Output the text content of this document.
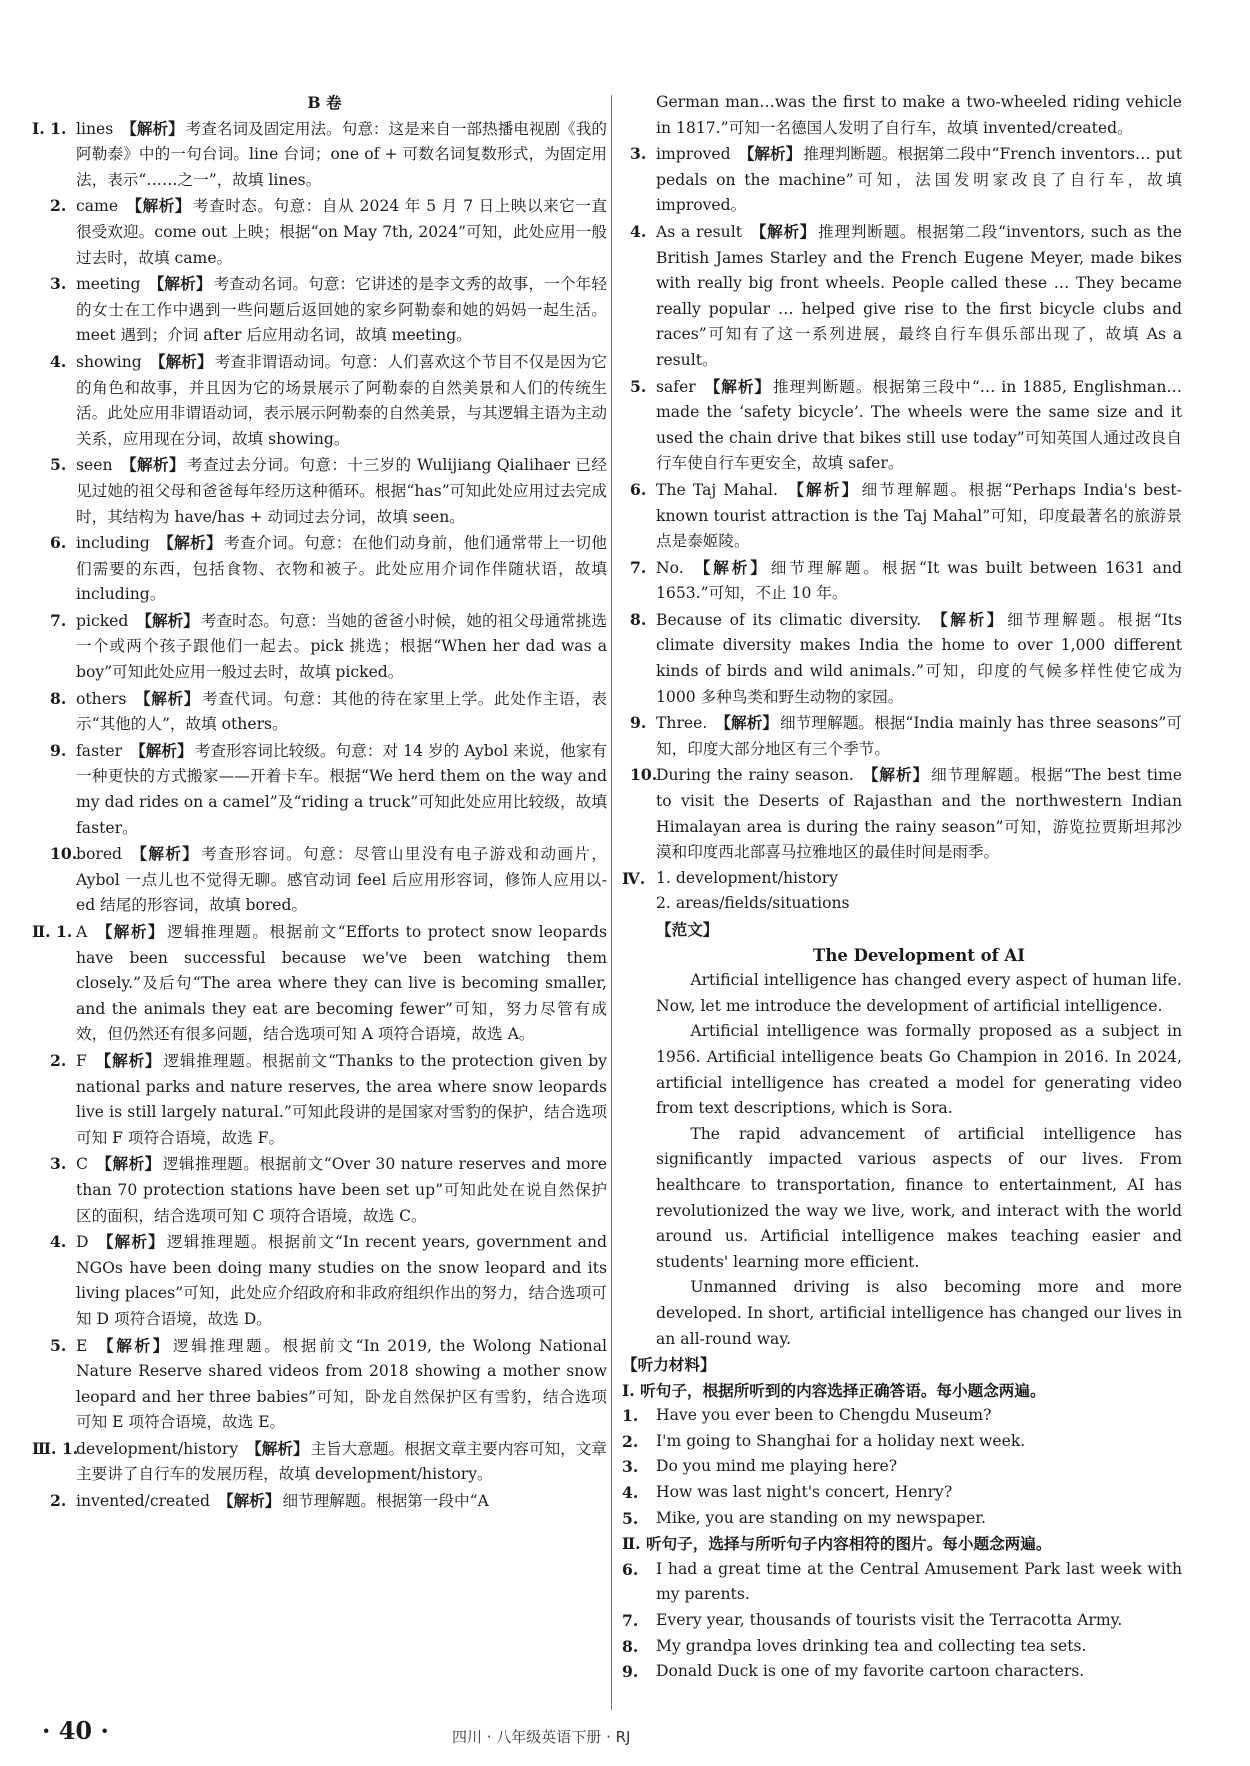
B 卷
Ⅰ. 1. lines 【解析】 考查名词及固定用法。句意：这是来自一部热播电视剧《我的阿勒泰》中的一句台词。line 台词；one of + 可数名词复数形式，为固定用法，表示“……之一”，故填 lines。
2. came 【解析】 考查时态。句意：自从 2024 年 5 月 7 日上映以来它一直很受欢迎。come out 上映；根据“on May 7th, 2024”可知，此处应用一般过去时，故填 came。
3. meeting 【解析】 考查动名词。句意：它讲述的是李文秀的故事，一个年轻的女士在工作中遇到一些问题后返回她的家乡阿勒泰和她的妈妈一起生活。meet 遇到；介词 after 后应用动名词，故填 meeting。
4. showing 【解析】 考查非谓语动词。句意：人们喜欢这个节目不仅是因为它的角色和故事，并且因为它的场景展示了阿勒泰的自然美景和人们的传统生活。此处应用非谓语动词，表示展示阿勒泰的自然美景，与其逻辑主语为主动关系，应用现在分词，故填 showing。
5. seen 【解析】 考查过去分词。句意：十三岁的 Wulijiang Qialihaer 已经见过她的祖父母和爸爸每年经历这种循环。根据“has”可知此处应用过去完成时，其结构为 have/has + 动词过去分词，故填 seen。
6. including 【解析】 考查介词。句意：在他们动身前，他们通常带上一切他们需要的东西，包括食物、衣物和被子。此处应用介词作伴随状语，故填 including。
7. picked 【解析】 考查时态。句意：当她的爸爸小时候，她的祖父母通常挑选一个或两个孩子跟他们一起去。pick 挑选；根据“When her dad was a boy”可知此处应用一般过去时，故填 picked。
8. others 【解析】 考查代词。句意：其他的待在家里上学。此处作主语，表示“其他的人”，故填 others。
9. faster 【解析】 考查形容词比较级。句意：对 14 岁的 Aybol 来说，他家有一种更快的方式搬家——开着卡车。根据“We herd them on the way and my dad rides on a camel”及“riding a truck”可知此处应用比较级，故填 faster。
10.
bored 【解析】 考查形容词。句意：尽管山里没有电子游戏和动画片，Aybol 一点儿也不觉得无聊。感官动词 feel 后应用形容词，修饰人应用以-ed 结尾的形容词，故填 bored。
Ⅱ. 1. A 【解析】 逻辑推理题。根据前文“Efforts to protect snow leopards have been successful because we've been watching them closely.”及后句“The area where they can live is becoming smaller, and the animals they eat are becoming fewer”可知，努力尽管有成效，但仍然还有很多问题，结合选项可知 A 项符合语境，故选 A。
2. F 【解析】 逻辑推理题。根据前文“Thanks to the protection given by national parks and nature reserves, the area where snow leopards live is still largely natural.”可知此段讲的是国家对雪豹的保护，结合选项可知 F 项符合语境，故选 F。
3. C 【解析】 逻辑推理题。根据前文“Over 30 nature reserves and more than 70 protection stations have been set up”可知此处在说自然保护区的面积，结合选项可知 C 项符合语境，故选 C。
4. D 【解析】 逻辑推理题。根据前文“In recent years, government and NGOs have been doing many studies on the snow leopard and its living places”可知，此处应介绍政府和非政府组织作出的努力，结合选项可知 D 项符合语境，故选 D。
5. E 【解析】 逻辑推理题。根据前文“In 2019, the Wolong National Nature Reserve shared videos from 2018 showing a mother snow leopard and her three babies”可知，卧龙自然保护区有雪豹，结合选项可知 E 项符合语境，故选 E。
Ⅲ. 1.
development/history 【解析】 主旨大意题。根据文章主要内容可知，文章主要讲了自行车的发展历程，故填 development/history。
2. invented/created 【解析】 细节理解题。根据第一段中“A
German man…was the first to make a two-wheeled riding vehicle in 1817.”可知一名德国人发明了自行车，故填 invented/created。
3. improved 【解析】 推理判断题。根据第二段中“French inventors… put pedals on the machine”可知，法国发明家改良了自行车，故填 improved。
4. As a result 【解析】 推理判断题。根据第二段“inventors, such as the British James Starley and the French Eugene Meyer, made bikes with really big front wheels. People called these … They became really popular … helped give rise to the first bicycle clubs and races”可知有了这一系列进展，最终自行车俱乐部出现了，故填 As a result。
5. safer 【解析】 推理判断题。根据第三段中“… in 1885, Englishman…made the ‘safety bicycle’. The wheels were the same size and it used the chain drive that bikes still use today”可知英国人通过改良自行车使自行车更安全，故填 safer。
6. The Taj Mahal. 【解析】 细节理解题。根据“Perhaps India's best-known tourist attraction is the Taj Mahal”可知，印度最著名的旅游景点是泰姬陵。
7. No. 【解析】 细节理解题。根据“It was built between 1631 and 1653.”可知，不止 10 年。
8. Because of its climatic diversity. 【解析】 细节理解题。根据“Its climate diversity makes India the home to over 1,000 different kinds of birds and wild animals.”可知，印度的气候多样性使它成为 1000 多种鸟类和野生动物的家园。
9. Three. 【解析】 细节理解题。根据“India mainly has three seasons”可知，印度大部分地区有三个季节。
10.
During the rainy season. 【解析】 细节理解题。根据“The best time to visit the Deserts of Rajasthan and the northwestern Indian Himalayan area is during the rainy season”可知，游览拉贾斯坦邦沙漠和印度西北部喜马拉雅地区的最佳时间是雨季。
Ⅳ. 1. development/history
2. areas/fields/situations
【范文】
The Development of AI
Artificial intelligence has changed every aspect of human life. Now, let me introduce the development of artificial intelligence.
Artificial intelligence was formally proposed as a subject in 1956. Artificial intelligence beats Go Champion in 2016. In 2024, artificial intelligence has created a model for generating video from text descriptions, which is Sora.
The rapid advancement of artificial intelligence has significantly impacted various aspects of our lives. From healthcare to transportation, finance to entertainment, AI has revolutionized the way we live, work, and interact with the world around us. Artificial intelligence makes teaching easier and students' learning more efficient.
Unmanned driving is also becoming more and more developed. In short, artificial intelligence has changed our lives in an all-round way.
【听力材料】
Ⅰ. 听句子，根据所听到的内容选择正确答语。每小题念两遍。
1. Have you ever been to Chengdu Museum?
2. I'm going to Shanghai for a holiday next week.
3. Do you mind me playing here?
4. How was last night's concert, Henry?
5. Mike, you are standing on my newspaper.
Ⅱ. 听句子，选择与所听句子内容相符的图片。每小题念两遍。
6. I had a great time at the Central Amusement Park last week with my parents.
7. Every year, thousands of tourists visit the Terracotta Army.
8. My grandpa loves drinking tea and collecting tea sets.
9. Donald Duck is one of my favorite cartoon characters.
· 40 ·	四川 · 八年级英语下册 · RJ
